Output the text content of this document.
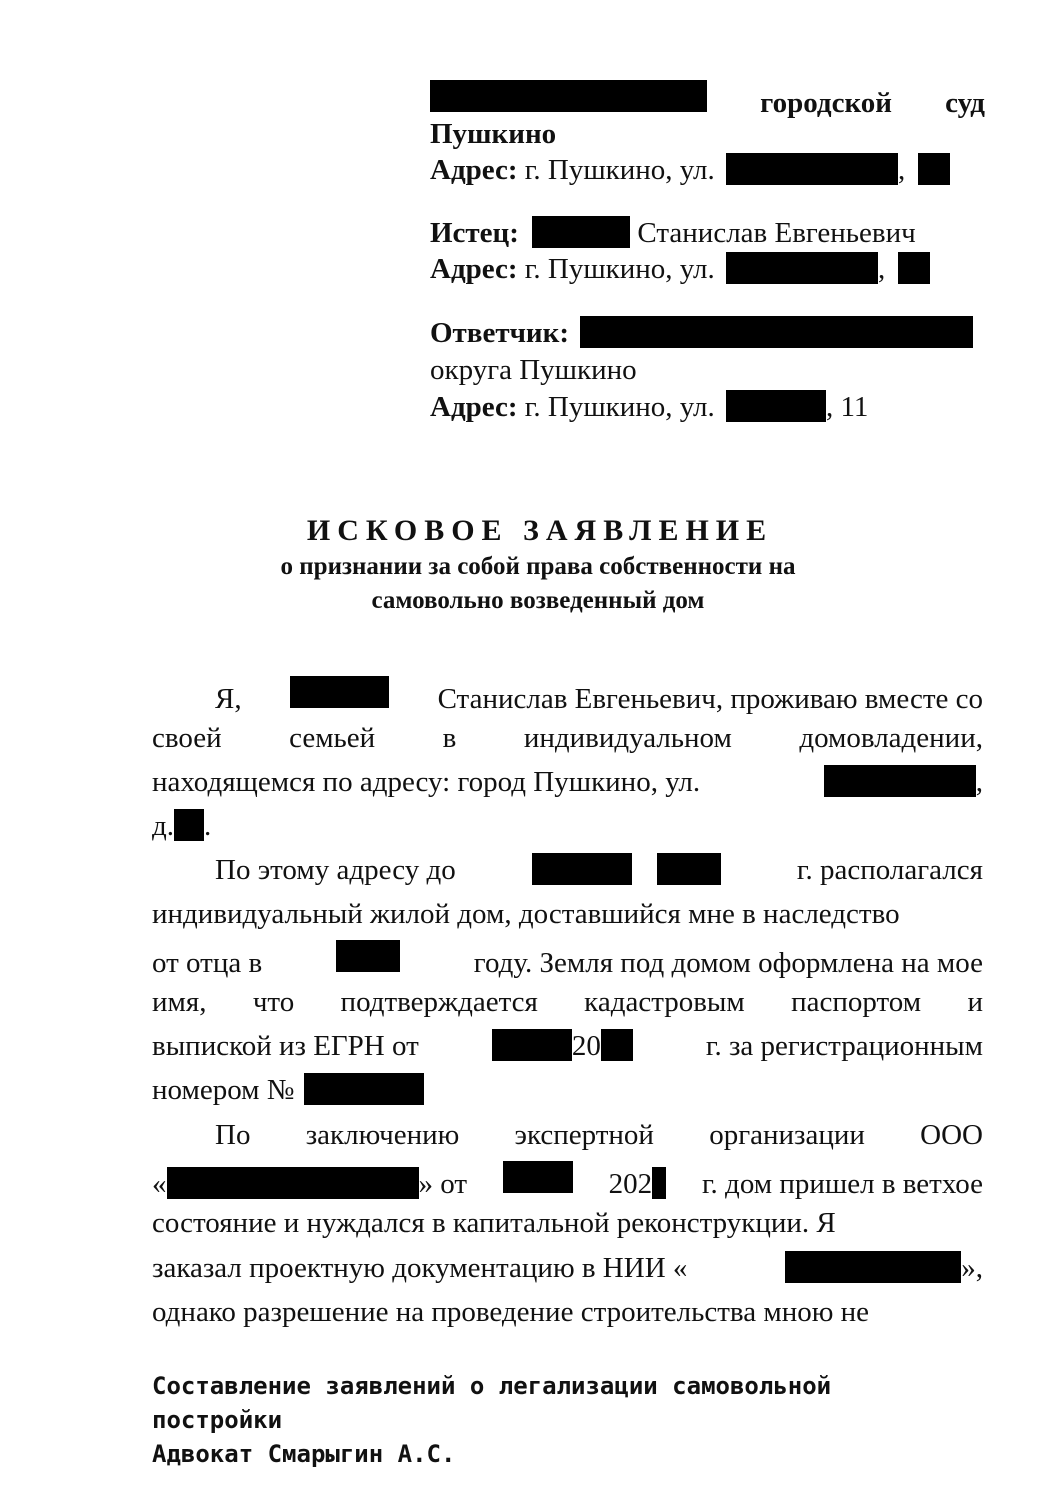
городской суд
Пушкино
Адрес: г. Пушкино, ул.	,
Истец:	Станислав Евгеньевич
Адрес: г. Пушкино, ул.	,
Ответчик:
округа Пушкино
Адрес: г. Пушкино, ул.	, 11
ИСКОВОЕ ЗАЯВЛЕНИЕ
о признании за собой права собственности на
самовольно возведенный дом
Я,	Станислав Евгеньевич, проживаю вместе со
своей семьей в индивидуальном домовладении,
находящемся по адресу: город Пушкино, ул.	,
д. .
По этому адресу до
	г. располагался
индивидуальный жилой дом, доставшийся мне в наследство
от отца в	году. Земля под домом оформлена на мое
имя, что подтверждается кадастровым паспортом и
выпиской из ЕГРН от	20	г. за регистрационным
номером №
По заключению экспертной организации ООО
«	» от	202	г. дом пришел в ветхое
состояние и нуждался в капитальной реконструкции. Я
заказал проектную документацию в НИИ «	»,
однако разрешение на проведение строительства мною не
Составление заявлений о легализации самовольной
постройки
Адвокат Смарыгин А.С.
